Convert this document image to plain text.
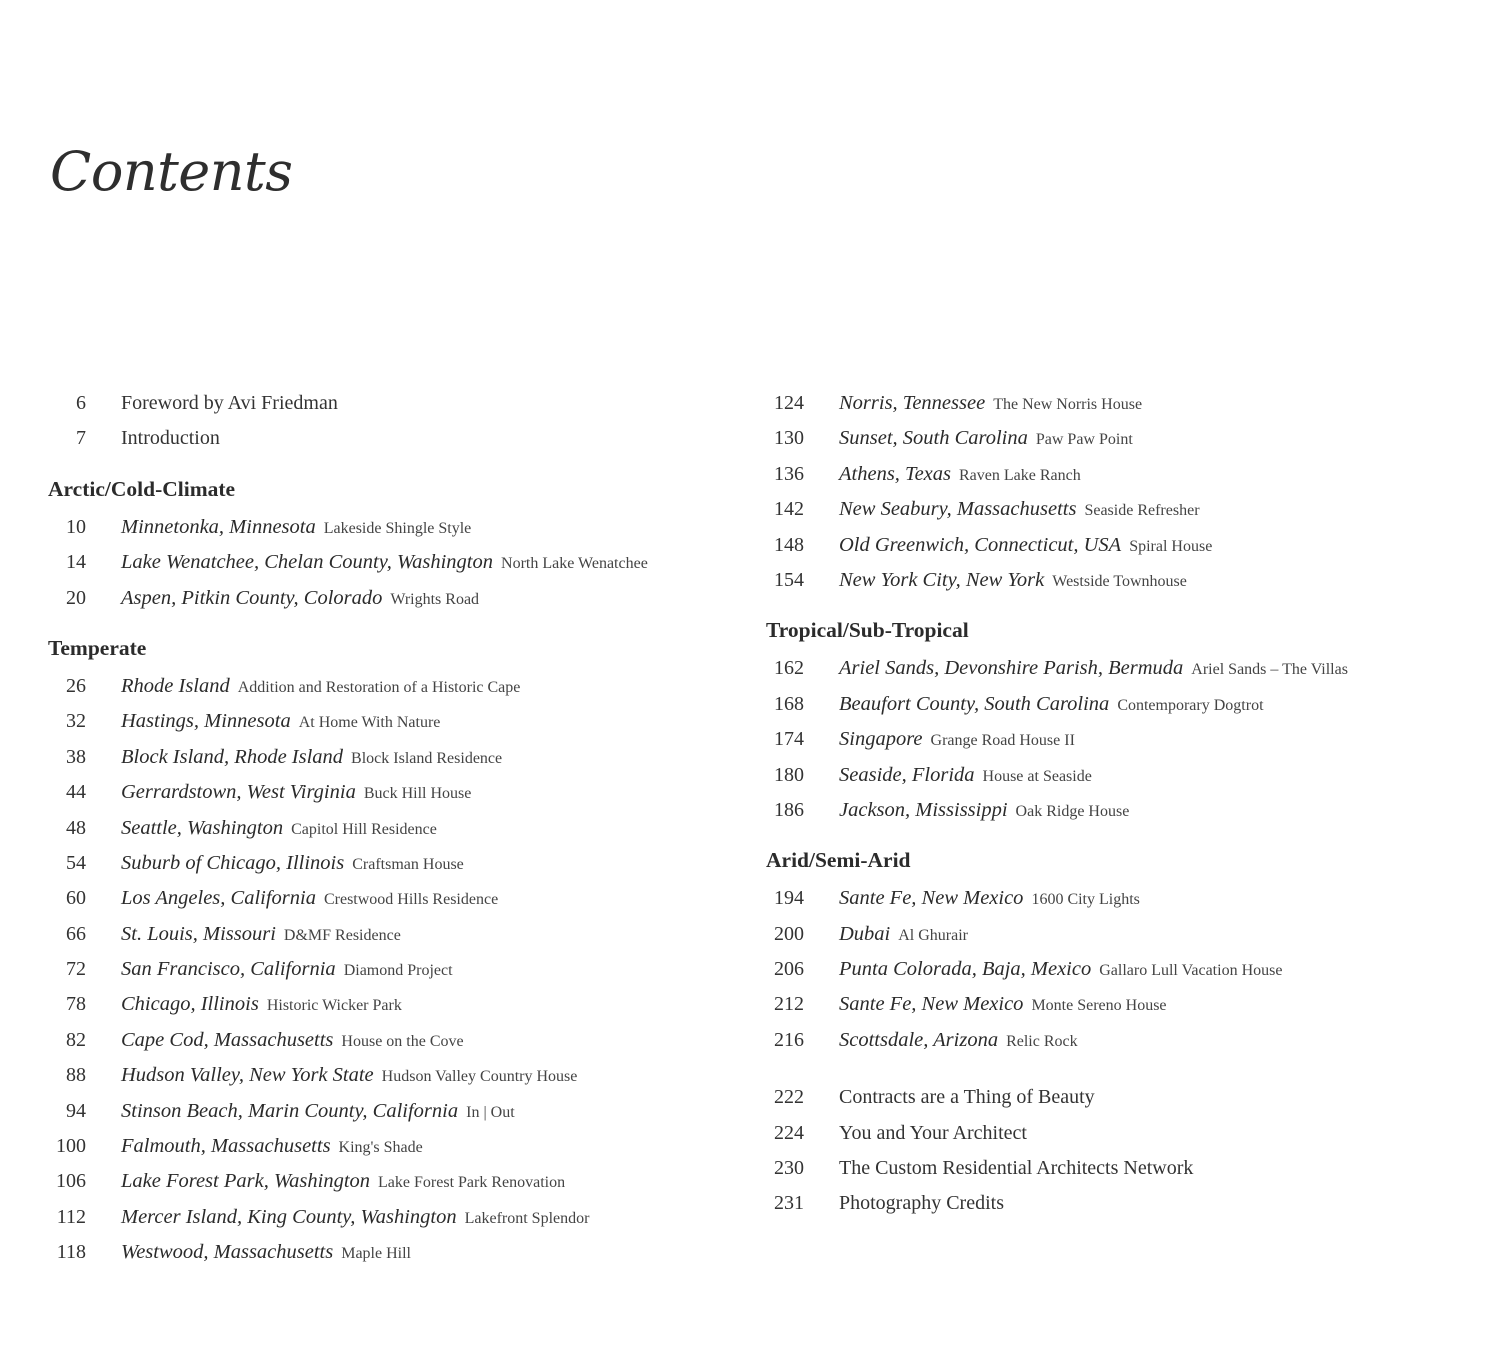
Contents
6 Foreword by Avi Friedman
7 Introduction
Arctic/Cold-Climate
10 Minnetonka, Minnesota Lakeside Shingle Style
14 Lake Wenatchee, Chelan County, Washington North Lake Wenatchee
20 Aspen, Pitkin County, Colorado Wrights Road
Temperate
26 Rhode Island Addition and Restoration of a Historic Cape
32 Hastings, Minnesota At Home With Nature
38 Block Island, Rhode Island Block Island Residence
44 Gerrardstown, West Virginia Buck Hill House
48 Seattle, Washington Capitol Hill Residence
54 Suburb of Chicago, Illinois Craftsman House
60 Los Angeles, California Crestwood Hills Residence
66 St. Louis, Missouri D&MF Residence
72 San Francisco, California Diamond Project
78 Chicago, Illinois Historic Wicker Park
82 Cape Cod, Massachusetts House on the Cove
88 Hudson Valley, New York State Hudson Valley Country House
94 Stinson Beach, Marin County, California In | Out
100 Falmouth, Massachusetts King's Shade
106 Lake Forest Park, Washington Lake Forest Park Renovation
112 Mercer Island, King County, Washington Lakefront Splendor
118 Westwood, Massachusetts Maple Hill
124 Norris, Tennessee The New Norris House
130 Sunset, South Carolina Paw Paw Point
136 Athens, Texas Raven Lake Ranch
142 New Seabury, Massachusetts Seaside Refresher
148 Old Greenwich, Connecticut, USA Spiral House
154 New York City, New York Westside Townhouse
Tropical/Sub-Tropical
162 Ariel Sands, Devonshire Parish, Bermuda Ariel Sands – The Villas
168 Beaufort County, South Carolina Contemporary Dogtrot
174 Singapore Grange Road House II
180 Seaside, Florida House at Seaside
186 Jackson, Mississippi Oak Ridge House
Arid/Semi-Arid
194 Sante Fe, New Mexico 1600 City Lights
200 Dubai Al Ghurair
206 Punta Colorada, Baja, Mexico Gallaro Lull Vacation House
212 Sante Fe, New Mexico Monte Sereno House
216 Scottsdale, Arizona Relic Rock
222 Contracts are a Thing of Beauty
224 You and Your Architect
230 The Custom Residential Architects Network
231 Photography Credits
